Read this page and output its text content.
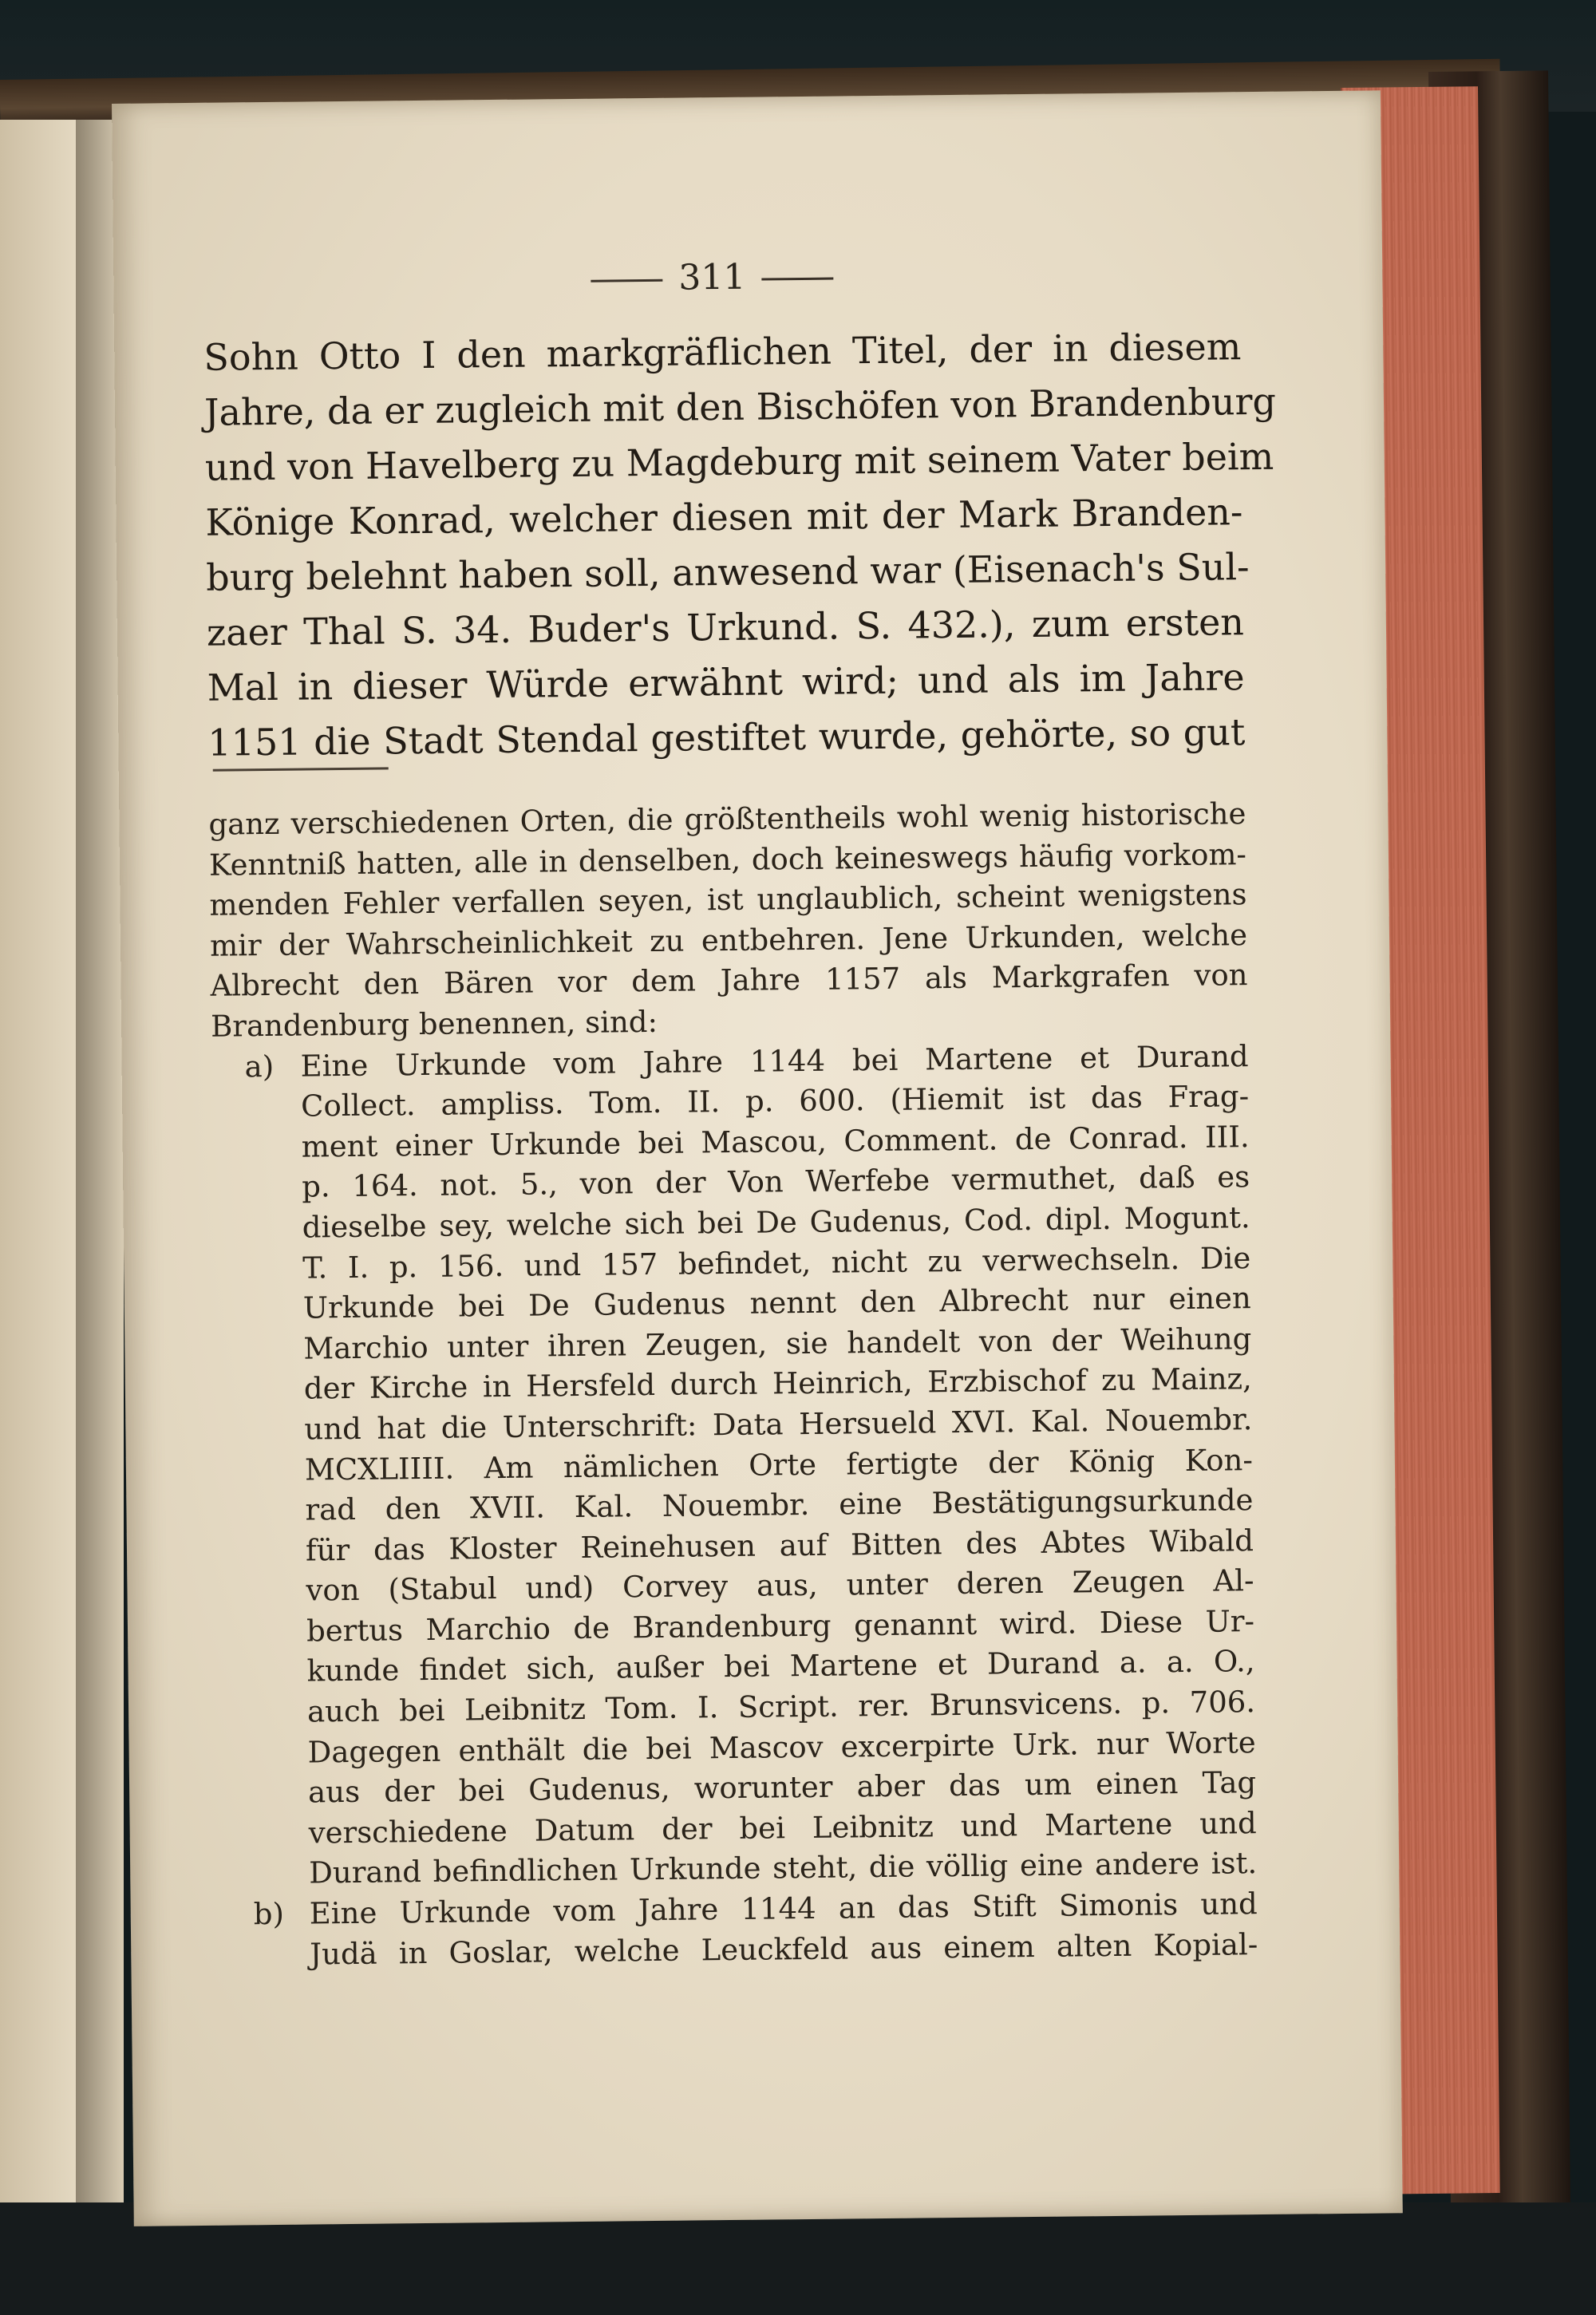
311
Sohn Otto I den markgräflichen Titel, der in diesem
Jahre, da er zugleich mit den Bischöfen von Brandenburg
und von Havelberg zu Magdeburg mit seinem Vater beim
Könige Konrad, welcher diesen mit der Mark Branden-
burg belehnt haben soll, anwesend war (Eisenach's Sul-
zaer Thal S. 34. Buder's Urkund. S. 432.), zum ersten
Mal in dieser Würde erwähnt wird; und als im Jahre
1151 die Stadt Stendal gestiftet wurde, gehörte, so gut
ganz verschiedenen Orten, die größtentheils wohl wenig historische
Kenntniß hatten, alle in denselben, doch keineswegs häufig vorkom-
menden Fehler verfallen seyen, ist unglaublich, scheint wenigstens
mir der Wahrscheinlichkeit zu entbehren. Jene Urkunden, welche
Albrecht den Bären vor dem Jahre 1157 als Markgrafen von
Brandenburg benennen, sind:
a) Eine Urkunde vom Jahre 1144 bei Martene et Durand
Collect. ampliss. Tom. II. p. 600. (Hiemit ist das Frag-
ment einer Urkunde bei Mascou, Comment. de Conrad. III.
p. 164. not. 5., von der Von Werfebe vermuthet, daß es
dieselbe sey, welche sich bei De Gudenus, Cod. dipl. Mogunt.
T. I. p. 156. und 157 befindet, nicht zu verwechseln. Die
Urkunde bei De Gudenus nennt den Albrecht nur einen
Marchio unter ihren Zeugen, sie handelt von der Weihung
der Kirche in Hersfeld durch Heinrich, Erzbischof zu Mainz,
und hat die Unterschrift: Data Hersueld XVI. Kal. Nouembr.
MCXLIIII. Am nämlichen Orte fertigte der König Kon-
rad den XVII. Kal. Nouembr. eine Bestätigungsurkunde
für das Kloster Reinehusen auf Bitten des Abtes Wibald
von (Stabul und) Corvey aus, unter deren Zeugen Al-
bertus Marchio de Brandenburg genannt wird. Diese Ur-
kunde findet sich, außer bei Martene et Durand a. a. O.,
auch bei Leibnitz Tom. I. Script. rer. Brunsvicens. p. 706.
Dagegen enthält die bei Mascov excerpirte Urk. nur Worte
aus der bei Gudenus, worunter aber das um einen Tag
verschiedene Datum der bei Leibnitz und Martene und
Durand befindlichen Urkunde steht, die völlig eine andere ist.
b) Eine Urkunde vom Jahre 1144 an das Stift Simonis und
Judä in Goslar, welche Leuckfeld aus einem alten Kopial-
